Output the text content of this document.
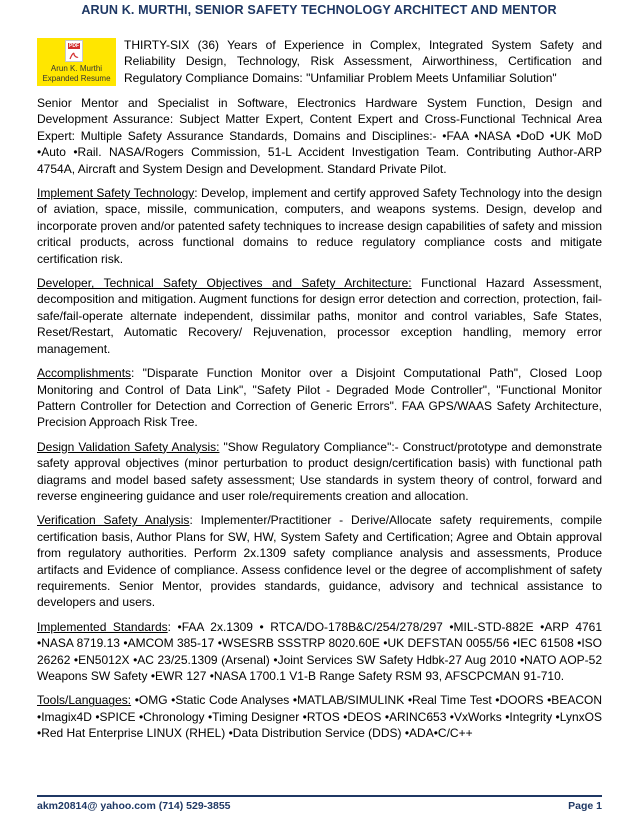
ARUN K. MURTHI, SENIOR SAFETY TECHNOLOGY ARCHITECT AND MENTOR
PDF
Arun K. Murthi
Expanded Resume
THIRTY-SIX (36) Years of Experience in Complex, Integrated System Safety and Reliability Design, Technology, Risk Assessment, Airworthiness, Certification and Regulatory Compliance Domains: "Unfamiliar Problem Meets Unfamiliar Solution"

Senior Mentor and Specialist in Software, Electronics Hardware System Function, Design and Development Assurance: Subject Matter Expert, Content Expert and Cross-Functional Technical Area Expert: Multiple Safety Assurance Standards, Domains and Disciplines:- •FAA •NASA •DoD •UK MoD •Auto •Rail. NASA/Rogers Commission, 51-L Accident Investigation Team. Contributing Author-ARP 4754A, Aircraft and System Design and Development. Standard Private Pilot.

Implement Safety Technology: Develop, implement and certify approved Safety Technology into the design of aviation, space, missile, communication, computers, and weapons systems. Design, develop and incorporate proven and/or patented safety techniques to increase design capabilities of safety and mission critical products, across functional domains to reduce regulatory compliance costs and mitigate certification risk.

Developer, Technical Safety Objectives and Safety Architecture: Functional Hazard Assessment, decomposition and mitigation. Augment functions for design error detection and correction, protection, fail-safe/fail-operate alternate independent, dissimilar paths, monitor and control variables, Safe States, Reset/Restart, Automatic Recovery/ Rejuvenation, processor exception handling, memory error management.

Accomplishments: "Disparate Function Monitor over a Disjoint Computational Path", Closed Loop Monitoring and Control of Data Link", "Safety Pilot - Degraded Mode Controller", "Functional Monitor Pattern Controller for Detection and Correction of Generic Errors". FAA GPS/WAAS Safety Architecture, Precision Approach Risk Tree.

Design Validation Safety Analysis: "Show Regulatory Compliance":- Construct/prototype and demonstrate safety approval objectives (minor perturbation to product design/certification basis) with functional path diagrams and model based safety assessment; Use standards in system theory of control, forward and reverse engineering guidance and user role/requirements creation and allocation.

Verification Safety Analysis: Implementer/Practitioner - Derive/Allocate safety requirements, compile certification basis, Author Plans for SW, HW, System Safety and Certification; Agree and Obtain approval from regulatory authorities. Perform 2x.1309 safety compliance analysis and assessments, Produce artifacts and Evidence of compliance. Assess confidence level or the degree of accomplishment of safety requirements. Senior Mentor, provides standards, guidance, advisory and technical assistance to developers and users.

Implemented Standards: •FAA 2x.1309 • RTCA/DO-178B&C/254/278/297 •MIL-STD-882E •ARP 4761 •NASA 8719.13 •AMCOM 385-17 •WSESRB SSSTRP 8020.60E •UK DEFSTAN 0055/56 •IEC 61508 •ISO 26262 •EN5012X •AC 23/25.1309 (Arsenal) •Joint Services SW Safety Hdbk-27 Aug 2010 •NATO AOP-52 Weapons SW Safety •EWR 127 •NASA 1700.1 V1-B Range Safety RSM 93, AFSCPCMAN 91-710.

Tools/Languages: •OMG •Static Code Analyses •MATLAB/SIMULINK •Real Time Test •DOORS •BEACON •Imagix4D •SPICE •Chronology •Timing Designer •RTOS •DEOS •ARINC653 •VxWorks •Integrity •LynxOS •Red Hat Enterprise LINUX (RHEL) •Data Distribution Service (DDS) •ADA•C/C++

akm20814@ yahoo.com (714) 529-3855	Page 1
